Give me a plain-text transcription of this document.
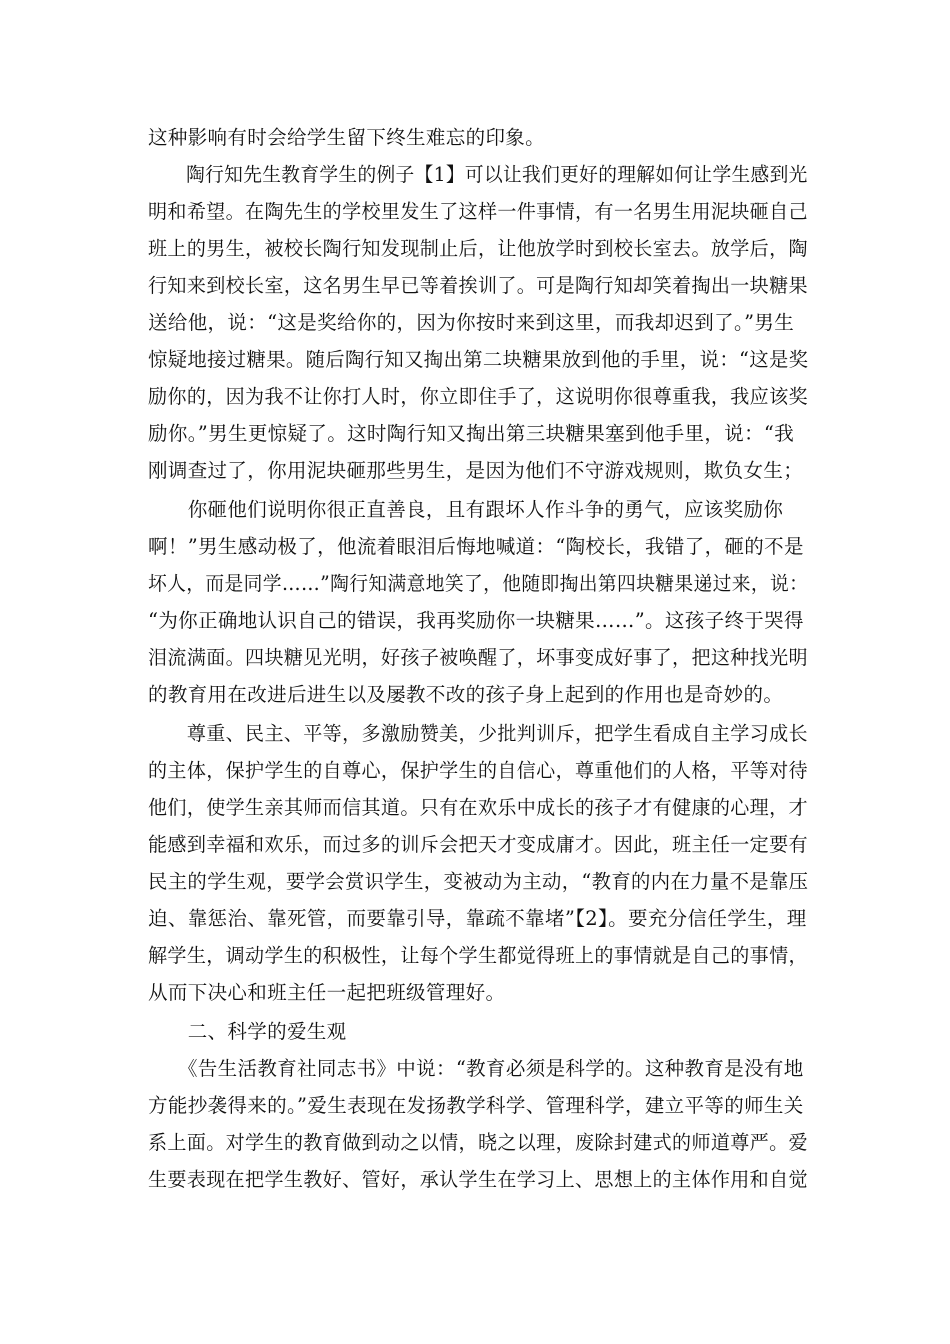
这种影响有时会给学生留下终生难忘的印象。
　　陶行知先生教育学生的例子【1】可以让我们更好的理解如何让学生感到光
明和希望。在陶先生的学校里发生了这样一件事情，有一名男生用泥块砸自己
班上的男生，被校长陶行知发现制止后，让他放学时到校长室去。放学后，陶
行知来到校长室，这名男生早已等着挨训了。可是陶行知却笑着掏出一块糖果
送给他，说：“这是奖给你的，因为你按时来到这里，而我却迟到了。”男生
惊疑地接过糖果。随后陶行知又掏出第二块糖果放到他的手里，说：“这是奖
励你的，因为我不让你打人时，你立即住手了，这说明你很尊重我，我应该奖
励你。”男生更惊疑了。这时陶行知又掏出第三块糖果塞到他手里，说：“我
刚调查过了，你用泥块砸那些男生，是因为他们不守游戏规则，欺负女生；
　　你砸他们说明你很正直善良，且有跟坏人作斗争的勇气，应该奖励你
啊！”男生感动极了，他流着眼泪后悔地喊道：“陶校长，我错了，砸的不是
坏人，而是同学……”陶行知满意地笑了，他随即掏出第四块糖果递过来，说：
“为你正确地认识自己的错误，我再奖励你一块糖果……”。这孩子终于哭得
泪流满面。四块糖见光明，好孩子被唤醒了，坏事变成好事了，把这种找光明
的教育用在改进后进生以及屡教不改的孩子身上起到的作用也是奇妙的。
　　尊重、民主、平等，多激励赞美，少批判训斥，把学生看成自主学习成长
的主体，保护学生的自尊心，保护学生的自信心，尊重他们的人格，平等对待
他们，使学生亲其师而信其道。只有在欢乐中成长的孩子才有健康的心理，才
能感到幸福和欢乐，而过多的训斥会把天才变成庸才。因此，班主任一定要有
民主的学生观，要学会赏识学生，变被动为主动，“教育的内在力量不是靠压
迫、靠惩治、靠死管，而要靠引导，靠疏不靠堵”【2】。要充分信任学生，理
解学生，调动学生的积极性，让每个学生都觉得班上的事情就是自己的事情，
从而下决心和班主任一起把班级管理好。
　　二、科学的爱生观
　　《告生活教育社同志书》中说：“教育必须是科学的。这种教育是没有地
方能抄袭得来的。”爱生表现在发扬教学科学、管理科学，建立平等的师生关
系上面。对学生的教育做到动之以情，晓之以理，废除封建式的师道尊严。爱
生要表现在把学生教好、管好，承认学生在学习上、思想上的主体作用和自觉
